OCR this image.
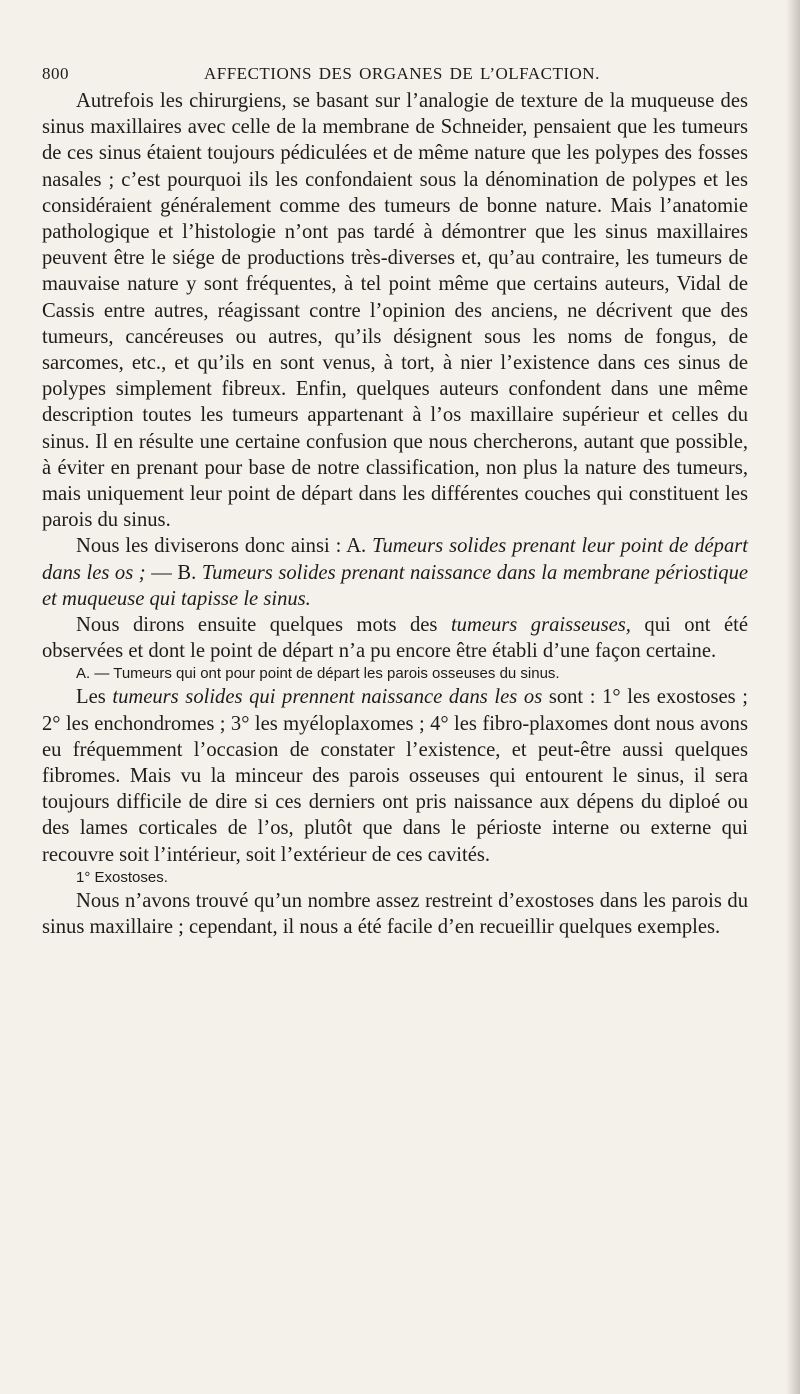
800	AFFECTIONS DES ORGANES DE L’OLFACTION.

Autrefois les chirurgiens, se basant sur l’analogie de texture de la muqueuse des sinus maxillaires avec celle de la membrane de Schneider, pensaient que les tumeurs de ces sinus étaient toujours pédiculées et de même nature que les polypes des fosses nasales ; c’est pourquoi ils les confondaient sous la dénomination de polypes et les considéraient généralement comme des tumeurs de bonne nature. Mais l’anatomie pathologique et l’histologie n’ont pas tardé à démontrer que les sinus maxillaires peuvent être le siége de productions très-diverses et, qu’au contraire, les tumeurs de mauvaise nature y sont fréquentes, à tel point même que certains auteurs, Vidal de Cassis entre autres, réagissant contre l’opinion des anciens, ne décrivent que des tumeurs, cancéreuses ou autres, qu’ils désignent sous les noms de fongus, de sarcomes, etc., et qu’ils en sont venus, à tort, à nier l’existence dans ces sinus de polypes simplement fibreux. Enfin, quelques auteurs confondent dans une même description toutes les tumeurs appartenant à l’os maxillaire supérieur et celles du sinus. Il en résulte une certaine confusion que nous chercherons, autant que possible, à éviter en prenant pour base de notre classification, non plus la nature des tumeurs, mais uniquement leur point de départ dans les différentes couches qui constituent les parois du sinus.

Nous les diviserons donc ainsi : A. Tumeurs solides prenant leur point de départ dans les os ; — B. Tumeurs solides prenant naissance dans la membrane périostique et muqueuse qui tapisse le sinus.

Nous dirons ensuite quelques mots des tumeurs graisseuses, qui ont été observées et dont le point de départ n’a pu encore être établi d’une façon certaine.

A. — Tumeurs qui ont pour point de départ les parois osseuses du sinus.

Les tumeurs solides qui prennent naissance dans les os sont : 1° les exostoses ; 2° les enchondromes ; 3° les myéloplaxomes ; 4° les fibro-plaxomes dont nous avons eu fréquemment l’occasion de constater l’existence, et peut-être aussi quelques fibromes. Mais vu la minceur des parois osseuses qui entourent le sinus, il sera toujours difficile de dire si ces derniers ont pris naissance aux dépens du diploé ou des lames corticales de l’os, plutôt que dans le périoste interne ou externe qui recouvre soit l’intérieur, soit l’extérieur de ces cavités.

1° Exostoses.

Nous n’avons trouvé qu’un nombre assez restreint d’exostoses dans les parois du sinus maxillaire ; cependant, il nous a été facile d’en recueillir quelques exemples.
